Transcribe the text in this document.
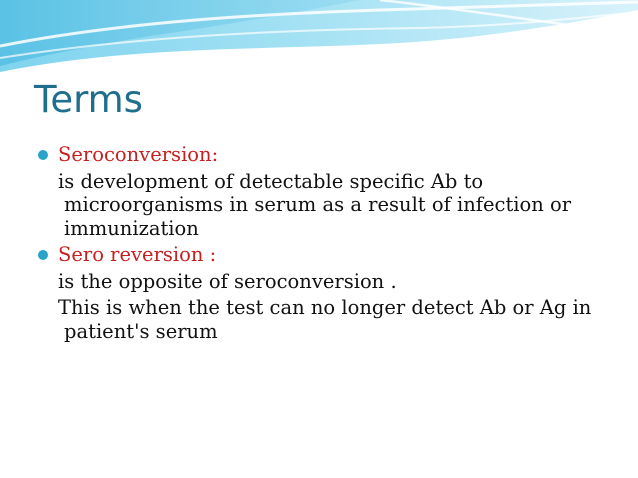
Terms
Seroconversion:

is development of detectable specific Ab to microorganisms in serum as a result of infection or immunization

Sero reversion :

is the opposite of seroconversion .

This is when the test can no longer detect Ab or Ag in patient's serum
